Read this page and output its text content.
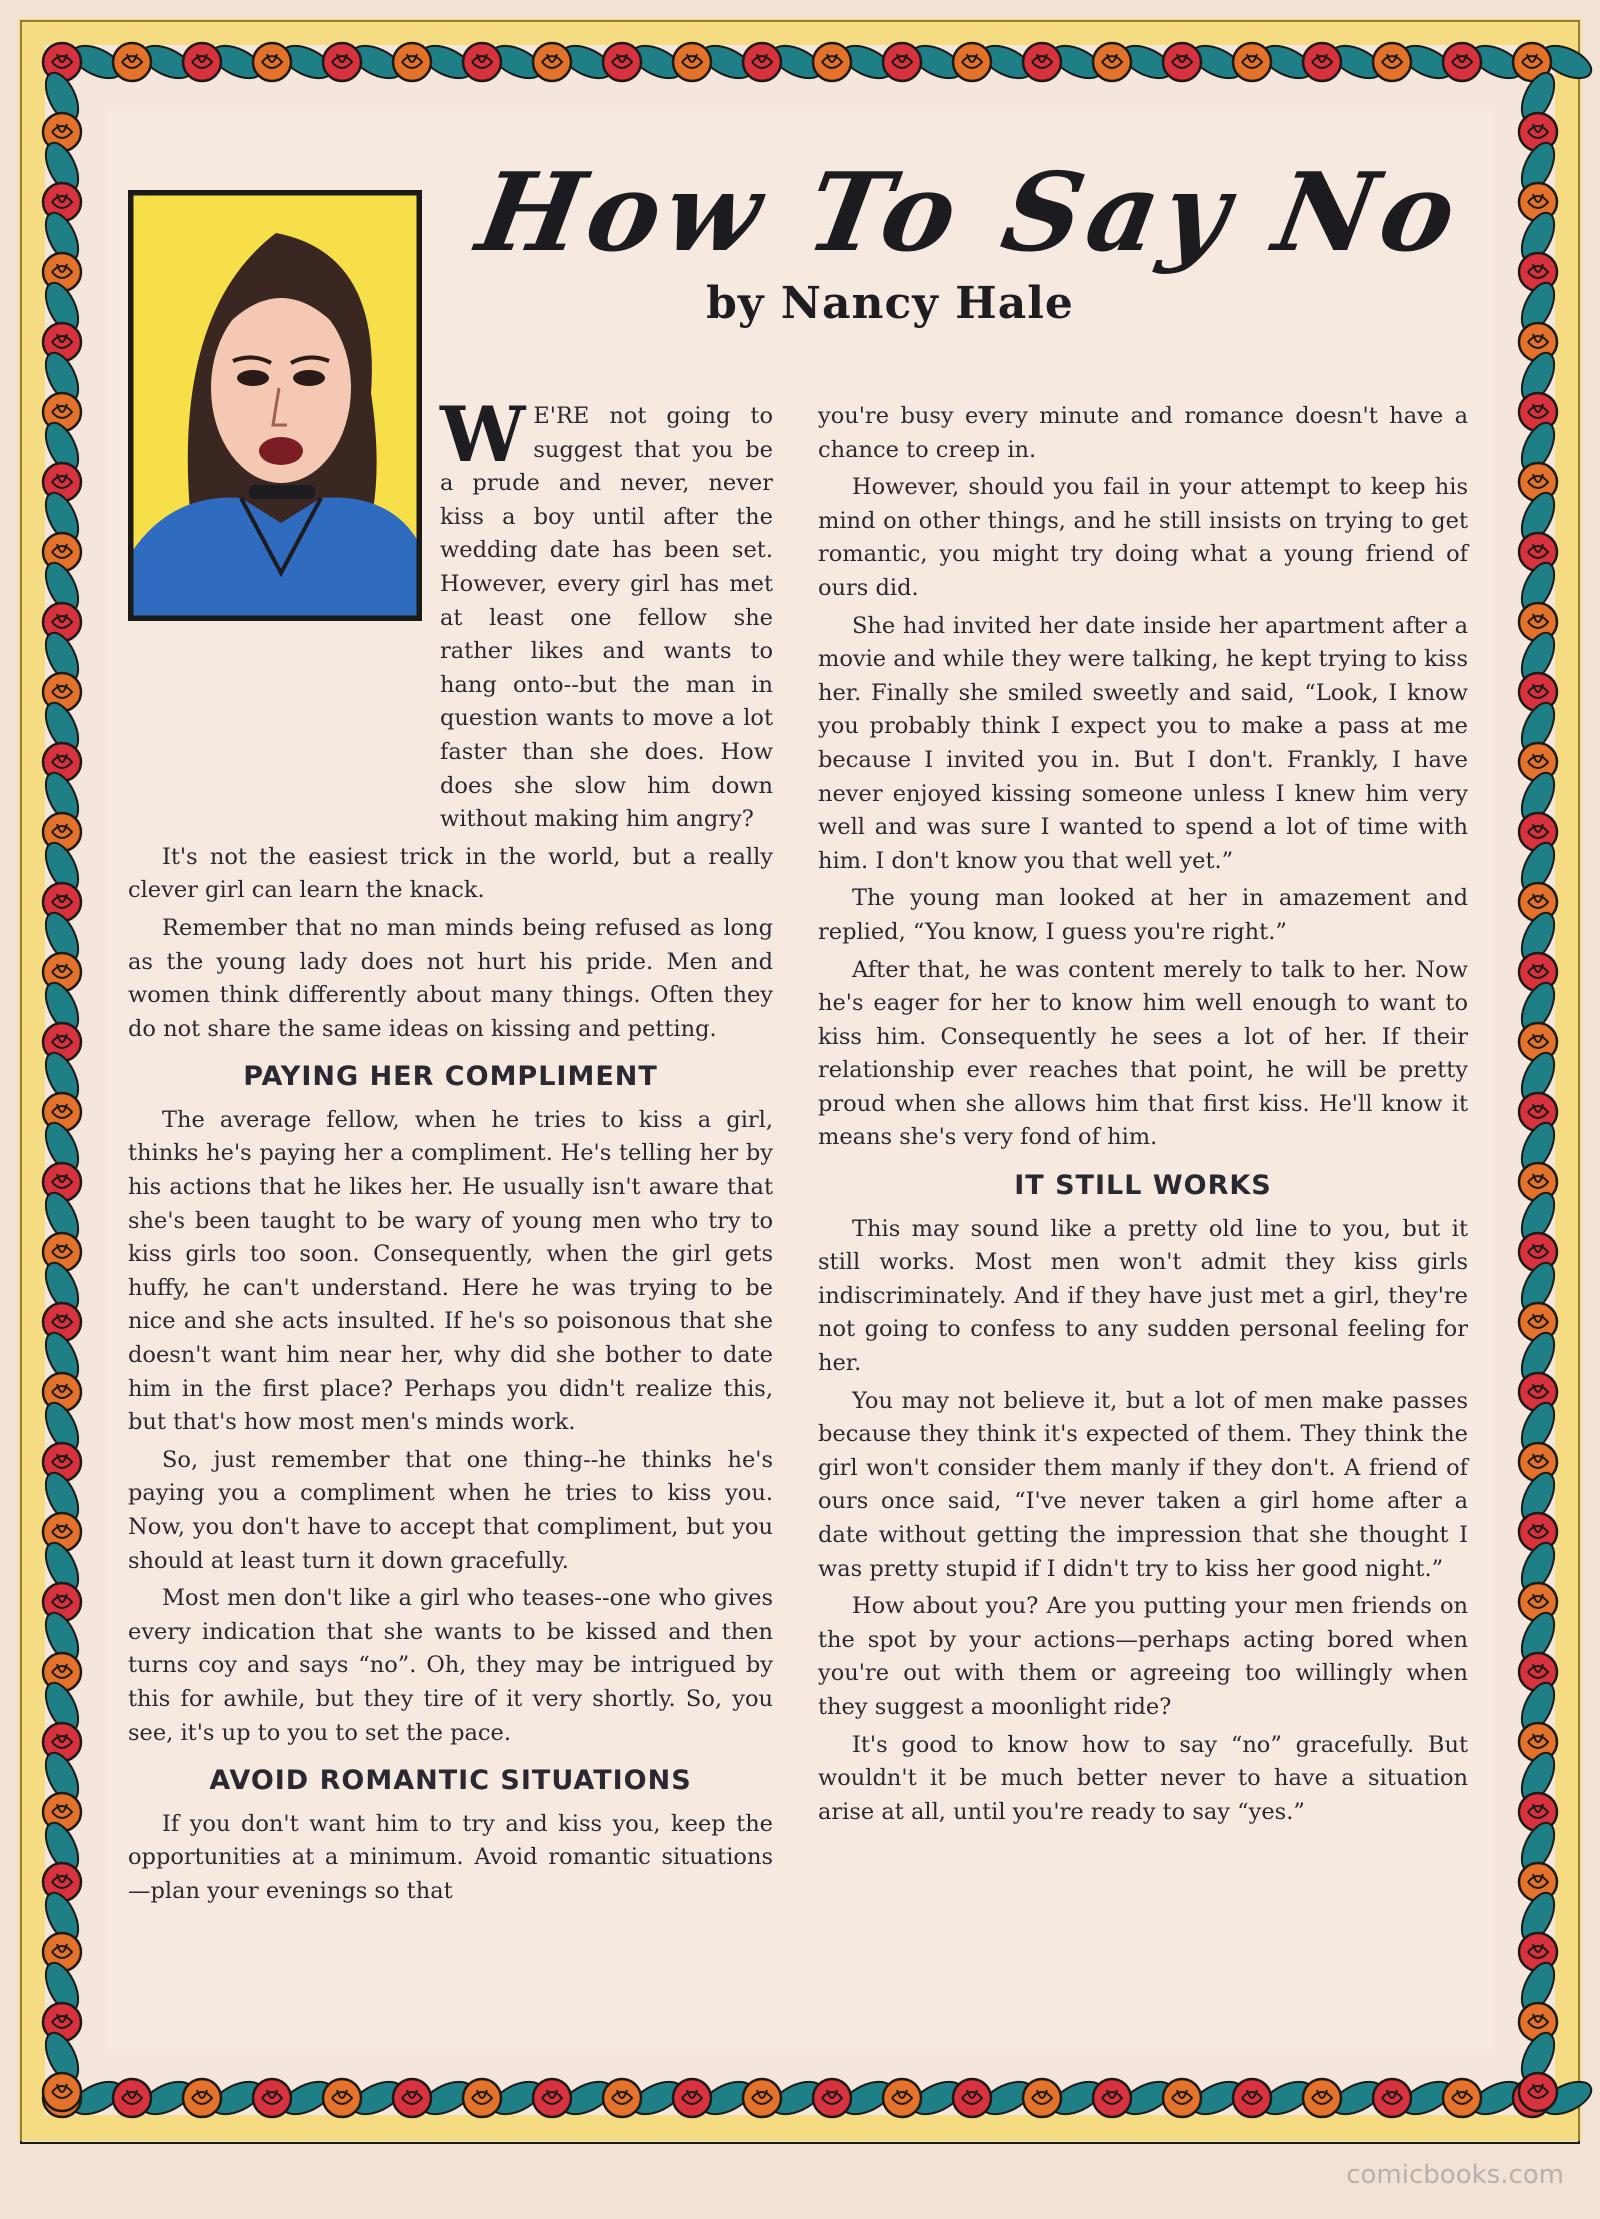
How To Say No
by Nancy Hale

W E'RE not going to suggest that you be a prude and never, never kiss a boy until after the wedding date has been set. However, every girl has met at least one fellow she rather likes and wants to hang onto--but the man in question wants to move a lot faster than she does. How does she slow him down without making him angry?

It's not the easiest trick in the world, but a really clever girl can learn the knack.

Remember that no man minds being refused as long as the young lady does not hurt his pride. Men and women think differently about many things. Often they do not share the same ideas on kissing and petting.

PAYING HER COMPLIMENT

The average fellow, when he tries to kiss a girl, thinks he's paying her a compliment. He's telling her by his actions that he likes her. He usually isn't aware that she's been taught to be wary of young men who try to kiss girls too soon. Consequently, when the girl gets huffy, he can't understand. Here he was trying to be nice and she acts insulted. If he's so poisonous that she doesn't want him near her, why did she bother to date him in the first place? Perhaps you didn't realize this, but that's how most men's minds work.

So, just remember that one thing--he thinks he's paying you a compliment when he tries to kiss you. Now, you don't have to accept that compliment, but you should at least turn it down gracefully.

Most men don't like a girl who teases--one who gives every indication that she wants to be kissed and then turns coy and says “no”. Oh, they may be intrigued by this for awhile, but they tire of it very shortly. So, you see, it's up to you to set the pace.

AVOID ROMANTIC SITUATIONS

If you don't want him to try and kiss you, keep the opportunities at a minimum. Avoid romantic situations—plan your evenings so that

you're busy every minute and romance doesn't have a chance to creep in.

However, should you fail in your attempt to keep his mind on other things, and he still insists on trying to get romantic, you might try doing what a young friend of ours did.

She had invited her date inside her apartment after a movie and while they were talking, he kept trying to kiss her. Finally she smiled sweetly and said, “Look, I know you probably think I expect you to make a pass at me because I invited you in. But I don't. Frankly, I have never enjoyed kissing someone unless I knew him very well and was sure I wanted to spend a lot of time with him. I don't know you that well yet.”

The young man looked at her in amazement and replied, “You know, I guess you're right.”

After that, he was content merely to talk to her. Now he's eager for her to know him well enough to want to kiss him. Consequently he sees a lot of her. If their relationship ever reaches that point, he will be pretty proud when she allows him that first kiss. He'll know it means she's very fond of him.

IT STILL WORKS

This may sound like a pretty old line to you, but it still works. Most men won't admit they kiss girls indiscriminately. And if they have just met a girl, they're not going to confess to any sudden personal feeling for her.

You may not believe it, but a lot of men make passes because they think it's expected of them. They think the girl won't consider them manly if they don't. A friend of ours once said, “I've never taken a girl home after a date without getting the impression that she thought I was pretty stupid if I didn't try to kiss her good night.”

How about you? Are you putting your men friends on the spot by your actions—perhaps acting bored when you're out with them or agreeing too willingly when they suggest a moonlight ride?

It's good to know how to say “no” gracefully. But wouldn't it be much better never to have a situation arise at all, until you're ready to say “yes.”

comicbooks.com
